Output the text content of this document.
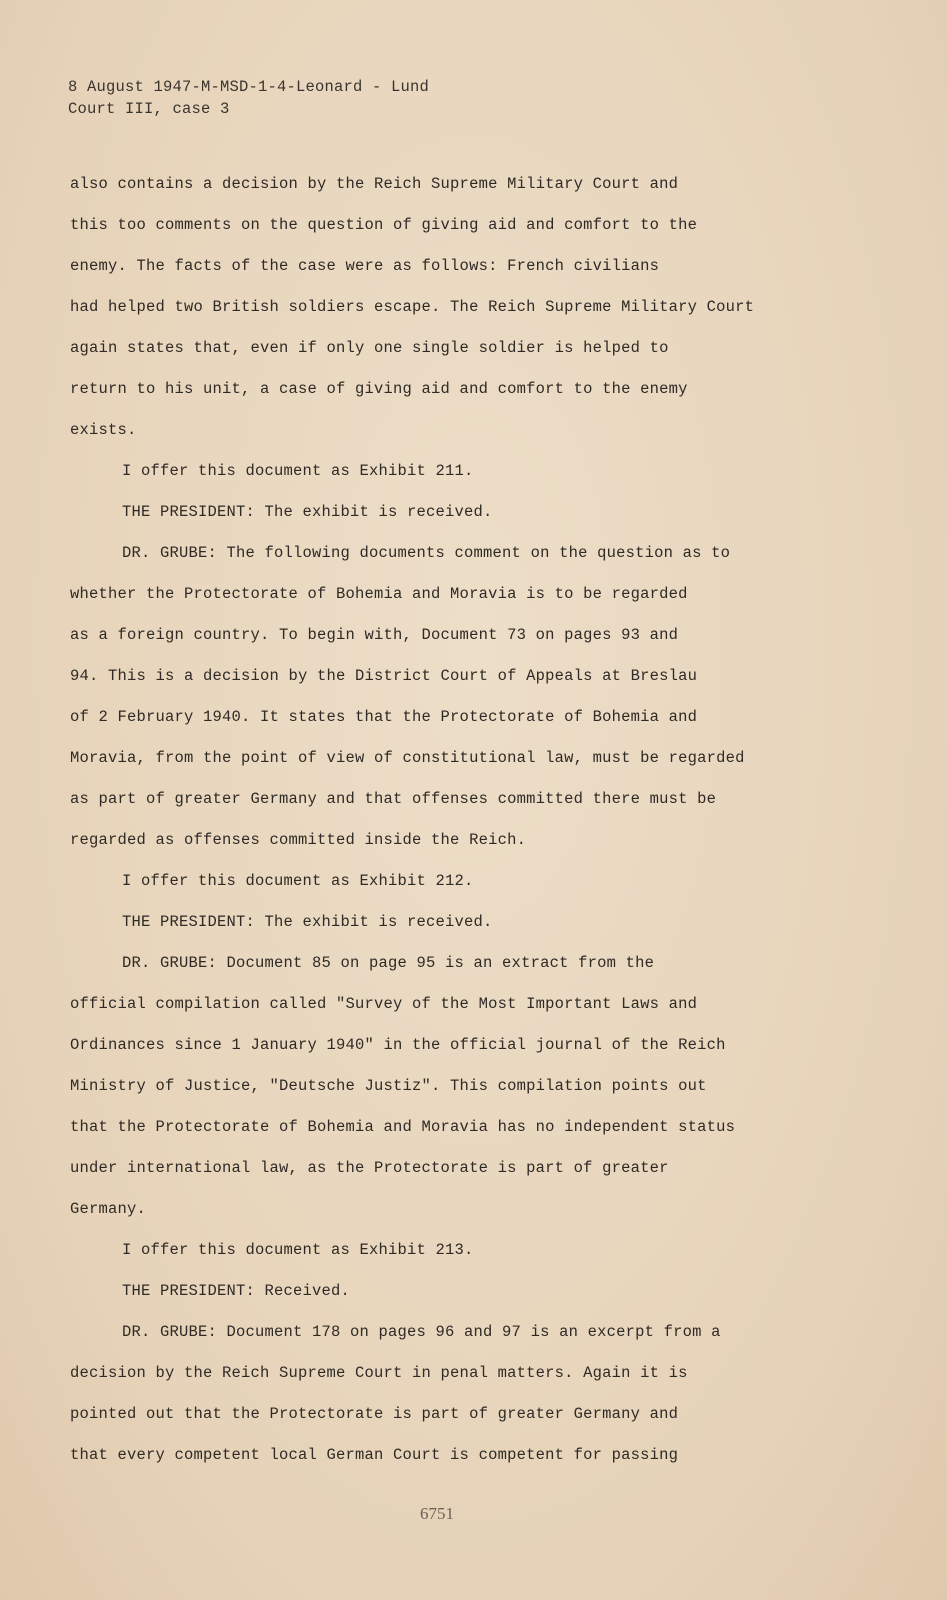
8 August 1947-M-MSD-1-4-Leonard - Lund
Court III, case 3
also contains a decision by the Reich Supreme Military Court and
this too comments on the question of giving aid and comfort to the
enemy. The facts of the case were as follows: French civilians
had helped two British soldiers escape. The Reich Supreme Military Court
again states that, even if only one single soldier is helped to
return to his unit, a case of giving aid and comfort to the enemy
exists.
I offer this document as Exhibit 211.
THE PRESIDENT: The exhibit is received.
DR. GRUBE: The following documents comment on the question as to
whether the Protectorate of Bohemia and Moravia is to be regarded
as a foreign country. To begin with, Document 73 on pages 93 and
94. This is a decision by the District Court of Appeals at Breslau
of 2 February 1940. It states that the Protectorate of Bohemia and
Moravia, from the point of view of constitutional law, must be regarded
as part of greater Germany and that offenses committed there must be
regarded as offenses committed inside the Reich.
I offer this document as Exhibit 212.
THE PRESIDENT: The exhibit is received.
DR. GRUBE: Document 85 on page 95 is an extract from the
official compilation called "Survey of the Most Important Laws and
Ordinances since 1 January 1940" in the official journal of the Reich
Ministry of Justice, "Deutsche Justiz". This compilation points out
that the Protectorate of Bohemia and Moravia has no independent status
under international law, as the Protectorate is part of greater
Germany.
I offer this document as Exhibit 213.
THE PRESIDENT: Received.
DR. GRUBE: Document 178 on pages 96 and 97 is an excerpt from a
decision by the Reich Supreme Court in penal matters. Again it is
pointed out that the Protectorate is part of greater Germany and
that every competent local German Court is competent for passing
6751
